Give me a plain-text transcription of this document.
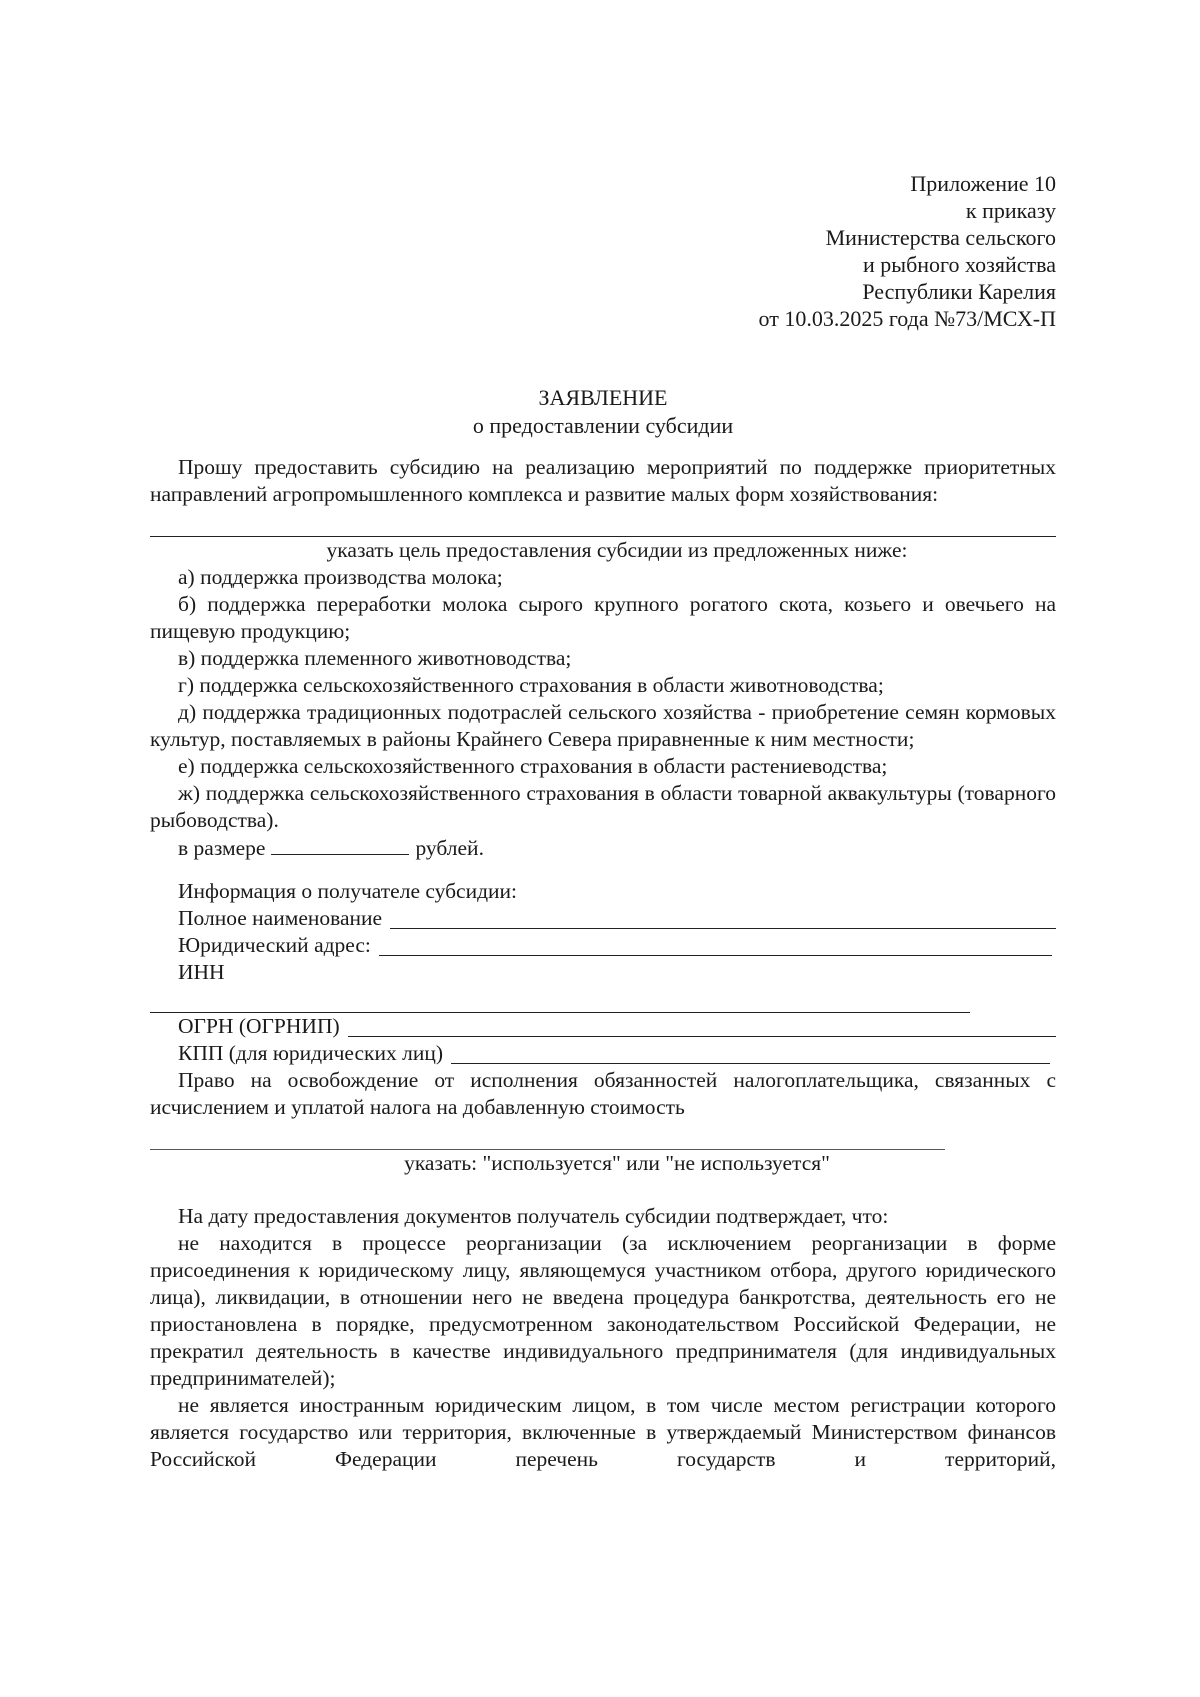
Приложение 10
к приказу
Министерства сельского
и рыбного хозяйства
Республики Карелия
от 10.03.2025 года №73/МСХ-П
ЗАЯВЛЕНИЕ
о предоставлении субсидии

Прошу предоставить субсидию на реализацию мероприятий по поддержке приоритетных направлений агропромышленного комплекса и развитие малых форм хозяйствования:

указать цель предоставления субсидии из предложенных ниже:

а) поддержка производства молока;

б) поддержка переработки молока сырого крупного рогатого скота, козьего и овечьего на пищевую продукцию;

в) поддержка племенного животноводства;

г) поддержка сельскохозяйственного страхования в области животноводства;

д) поддержка традиционных подотраслей сельского хозяйства - приобретение семян кормовых культур, поставляемых в районы Крайнего Севера приравненные к ним местности;

е) поддержка сельскохозяйственного страхования в области растениеводства;

ж) поддержка сельскохозяйственного страхования в области товарной аквакультуры (товарного рыбоводства).

в размере	рублей.
Информация о получателе субсидии:
Полное наименование
Юридический адрес:
ИНН
ОГРН (ОГРНИП)
КПП (для юридических лиц)

Право на освобождение от исполнения обязанностей налогоплательщика, связанных с исчислением и уплатой налога на добавленную стоимость

указать: "используется" или "не используется"

На дату предоставления документов получатель субсидии подтверждает, что:

не находится в процессе реорганизации (за исключением реорганизации в форме присоединения к юридическому лицу, являющемуся участником отбора, другого юридического лица), ликвидации, в отношении него не введена процедура банкротства, деятельность его не приостановлена в порядке, предусмотренном законодательством Российской Федерации, не прекратил деятельность в качестве индивидуального предпринимателя (для индивидуальных предпринимателей);

не является иностранным юридическим лицом, в том числе местом регистрации которого является государство или территория, включенные в утверждаемый Министерством финансов Российской Федерации перечень государств и территорий,
